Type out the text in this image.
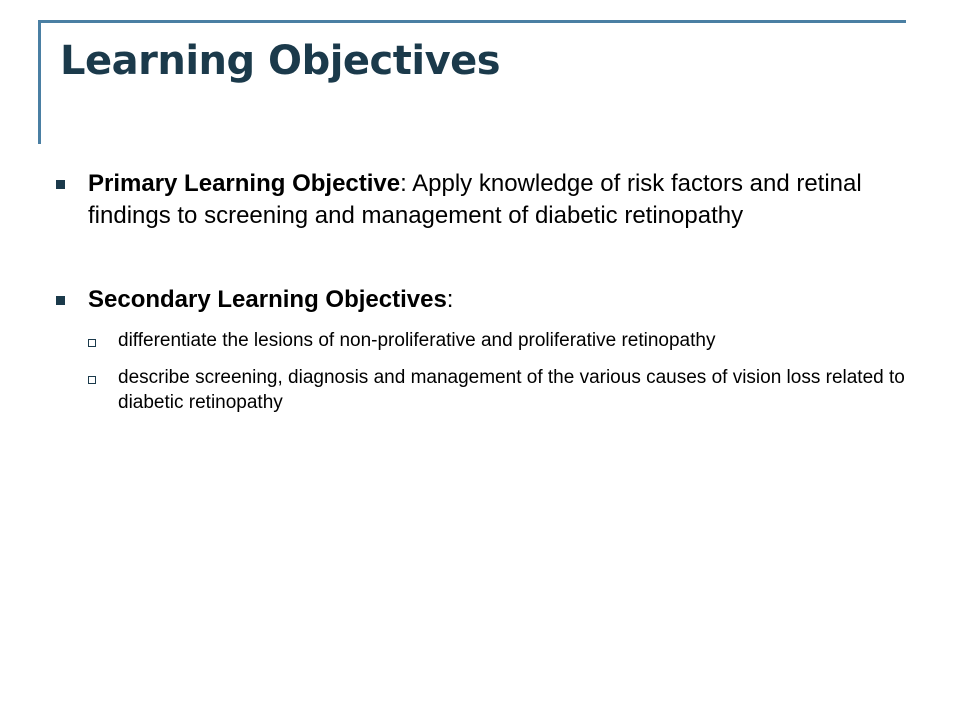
Learning Objectives
Primary Learning Objective: Apply knowledge of risk factors and retinal findings to screening and management of diabetic retinopathy
Secondary Learning Objectives:
differentiate the lesions of non-proliferative and proliferative retinopathy
describe screening, diagnosis and management of the various causes of vision loss related to diabetic retinopathy
